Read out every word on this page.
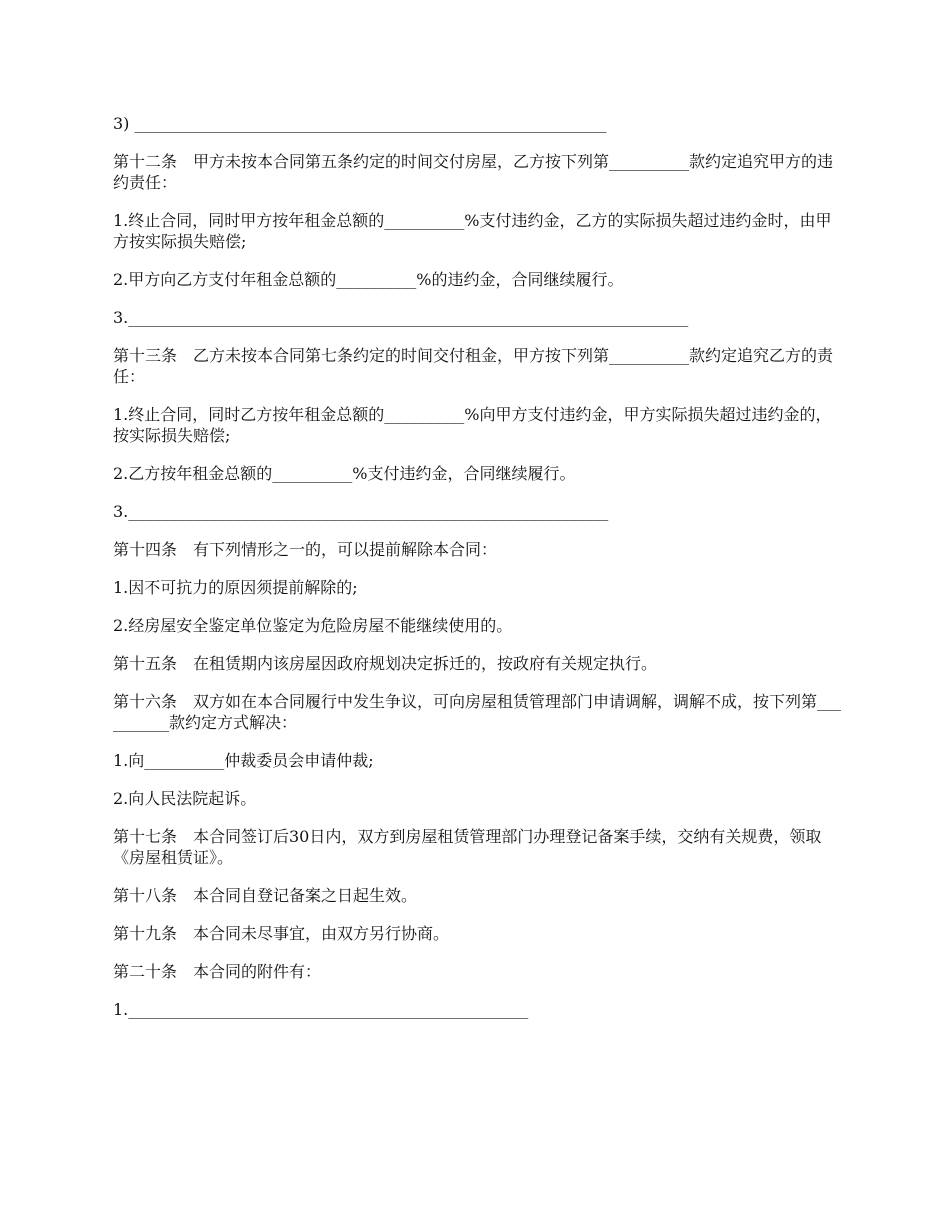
3) ___________________________________________________________

第十二条　甲方未按本合同第五条约定的时间交付房屋，乙方按下列第__________款约定追究甲方的违约责任：

1.终止合同，同时甲方按年租金总额的__________%支付违约金，乙方的实际损失超过违约金时，由甲方按实际损失赔偿;

2.甲方向乙方支付年租金总额的__________%的违约金，合同继续履行。

3.______________________________________________________________________

第十三条　乙方未按本合同第七条约定的时间交付租金，甲方按下列第__________款约定追究乙方的责任：

1.终止合同，同时乙方按年租金总额的__________%向甲方支付违约金，甲方实际损失超过违约金的，按实际损失赔偿;

2.乙方按年租金总额的__________%支付违约金，合同继续履行。

3.____________________________________________________________

第十四条　有下列情形之一的，可以提前解除本合同：

1.因不可抗力的原因须提前解除的;

2.经房屋安全鉴定单位鉴定为危险房屋不能继续使用的。

第十五条　在租赁期内该房屋因政府规划决定拆迁的，按政府有关规定执行。

第十六条　双方如在本合同履行中发生争议，可向房屋租赁管理部门申请调解，调解不成，按下列第__________款约定方式解决：

1.向__________仲裁委员会申请仲裁;

2.向人民法院起诉。

第十七条　本合同签订后30日内，双方到房屋租赁管理部门办理登记备案手续，交纳有关规费，领取《房屋租赁证》。

第十八条　本合同自登记备案之日起生效。

第十九条　本合同未尽事宜，由双方另行协商。

第二十条　本合同的附件有：

1.__________________________________________________
